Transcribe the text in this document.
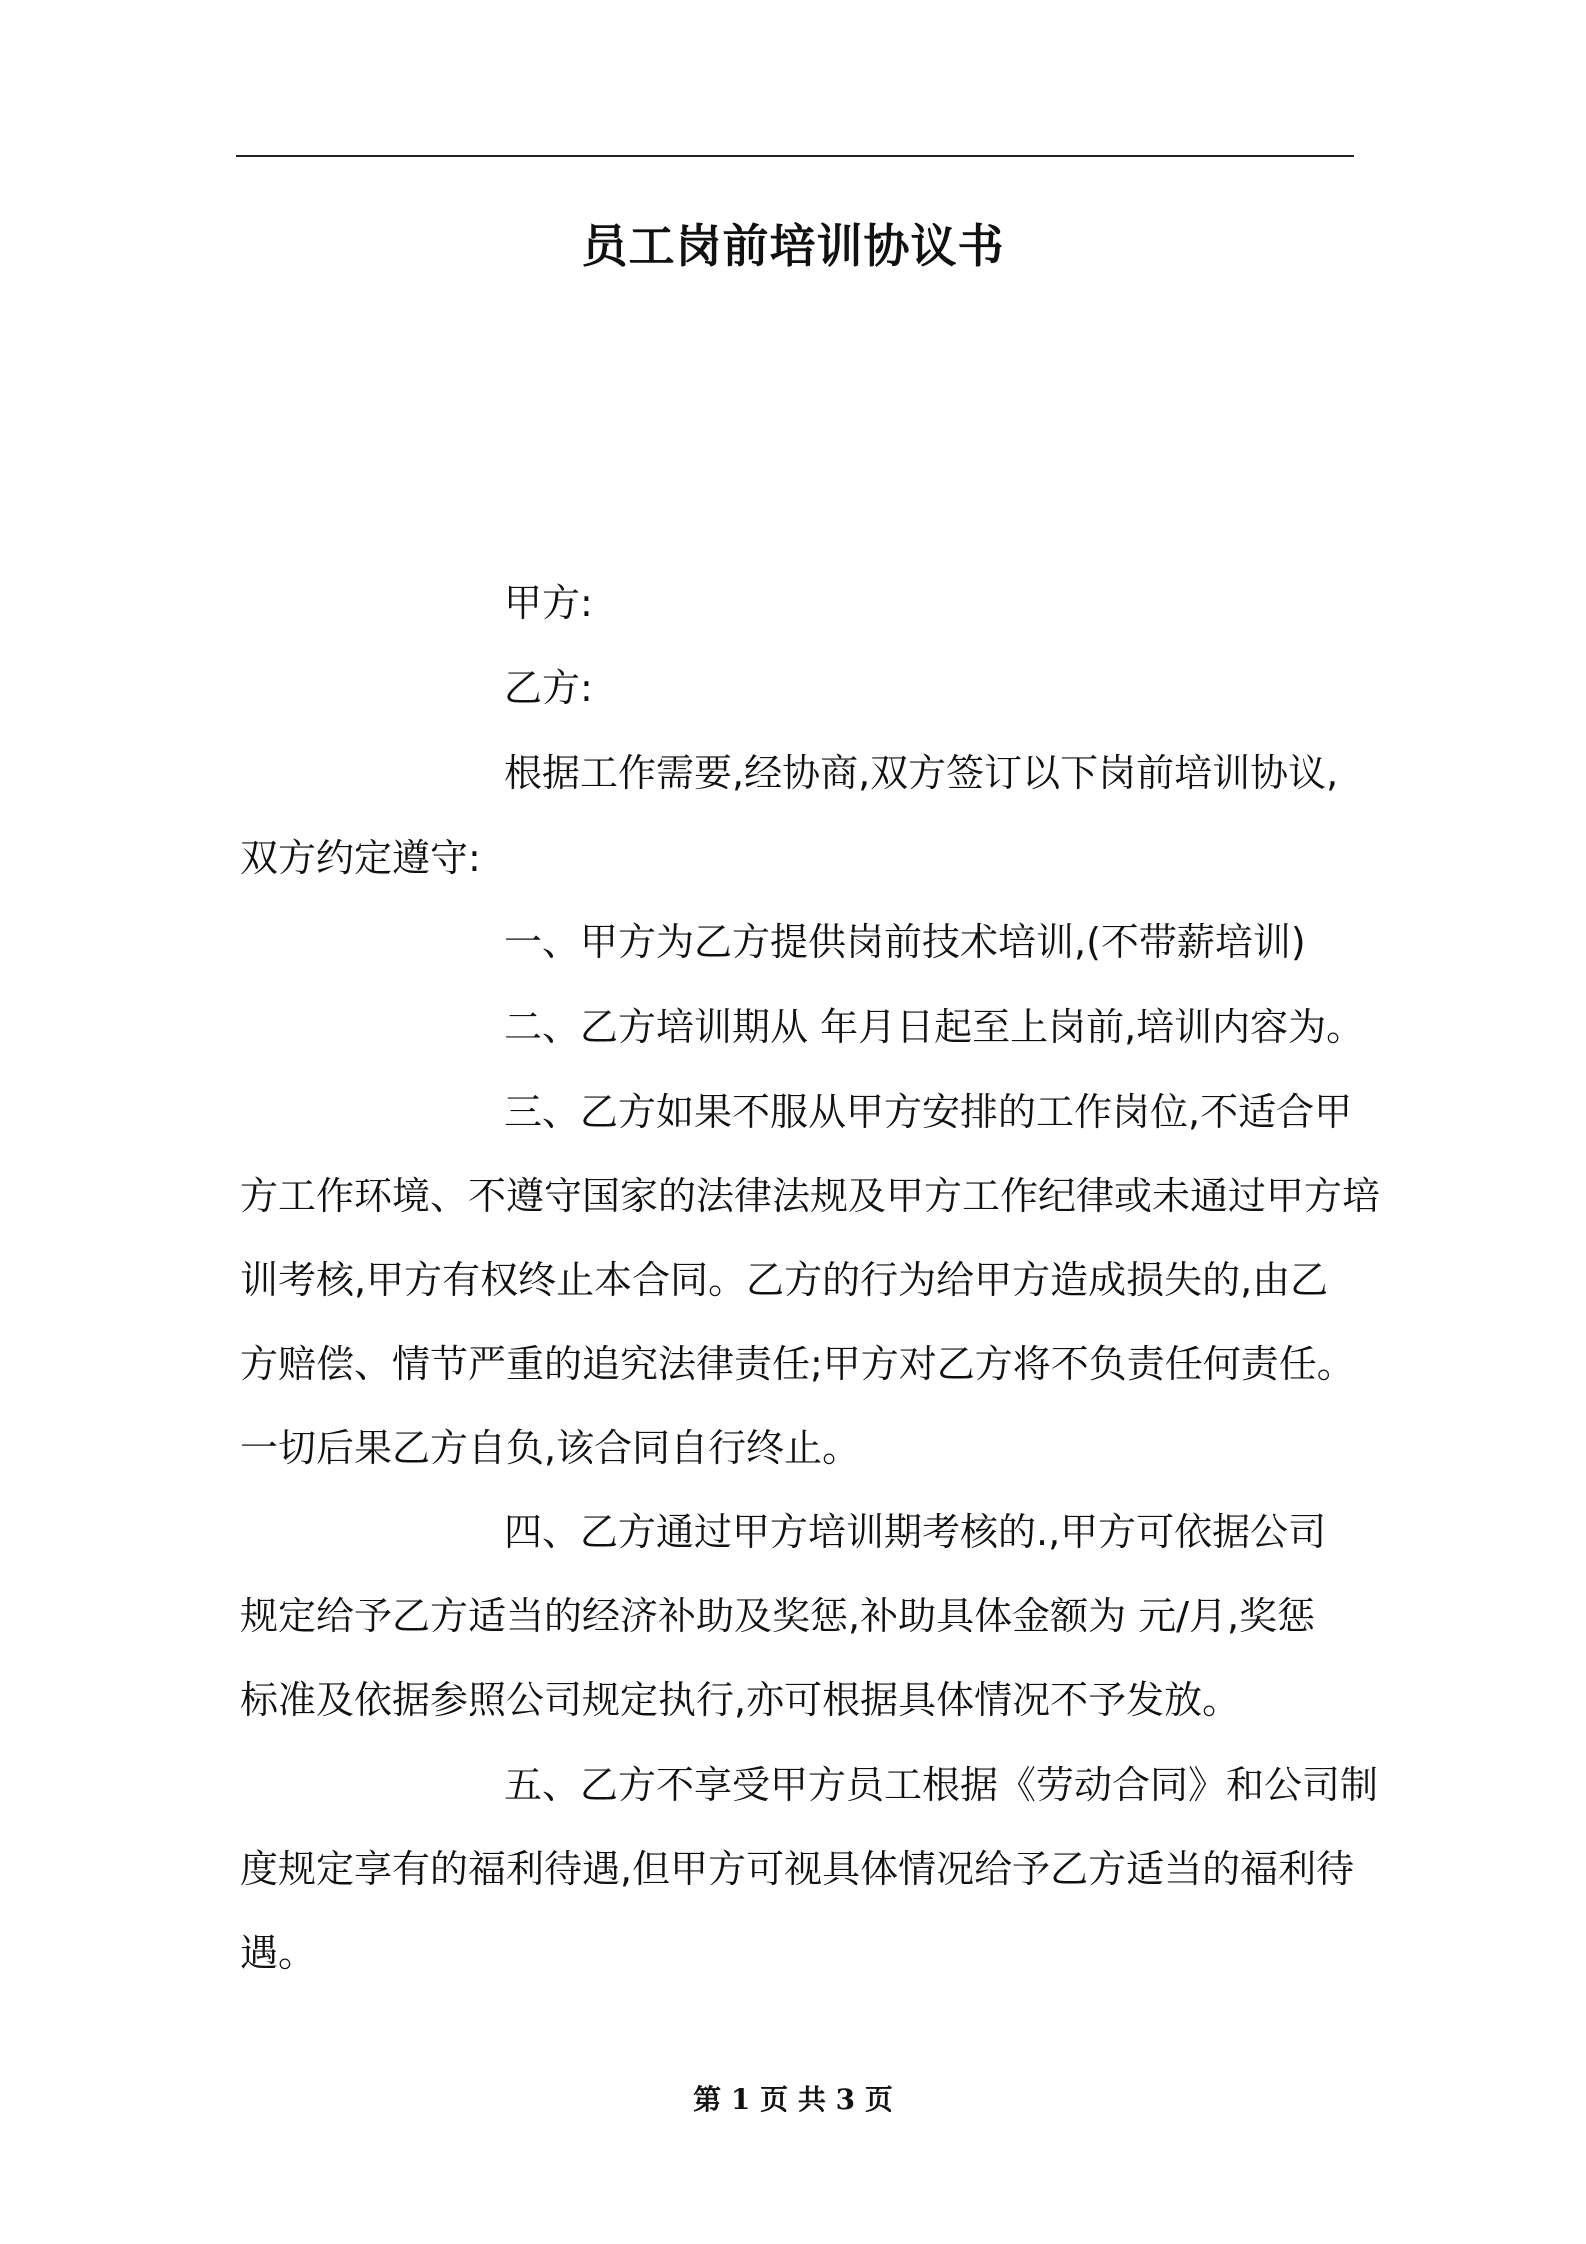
员工岗前培训协议书
甲方:
乙方:
根据工作需要,经协商,双方签订以下岗前培训协议,
双方约定遵守:
一、甲方为乙方提供岗前技术培训,(不带薪培训)
二、乙方培训期从 年月日起至上岗前,培训内容为。
三、乙方如果不服从甲方安排的工作岗位,不适合甲
方工作环境、不遵守国家的法律法规及甲方工作纪律或未通过甲方培
训考核,甲方有权终止本合同。乙方的行为给甲方造成损失的,由乙
方赔偿、情节严重的追究法律责任;甲方对乙方将不负责任何责任。
一切后果乙方自负,该合同自行终止。
四、乙方通过甲方培训期考核的.,甲方可依据公司
规定给予乙方适当的经济补助及奖惩,补助具体金额为 元/月,奖惩
标准及依据参照公司规定执行,亦可根据具体情况不予发放。
五、乙方不享受甲方员工根据《劳动合同》和公司制
度规定享有的福利待遇,但甲方可视具体情况给予乙方适当的福利待
遇。
第 1 页 共 3 页
